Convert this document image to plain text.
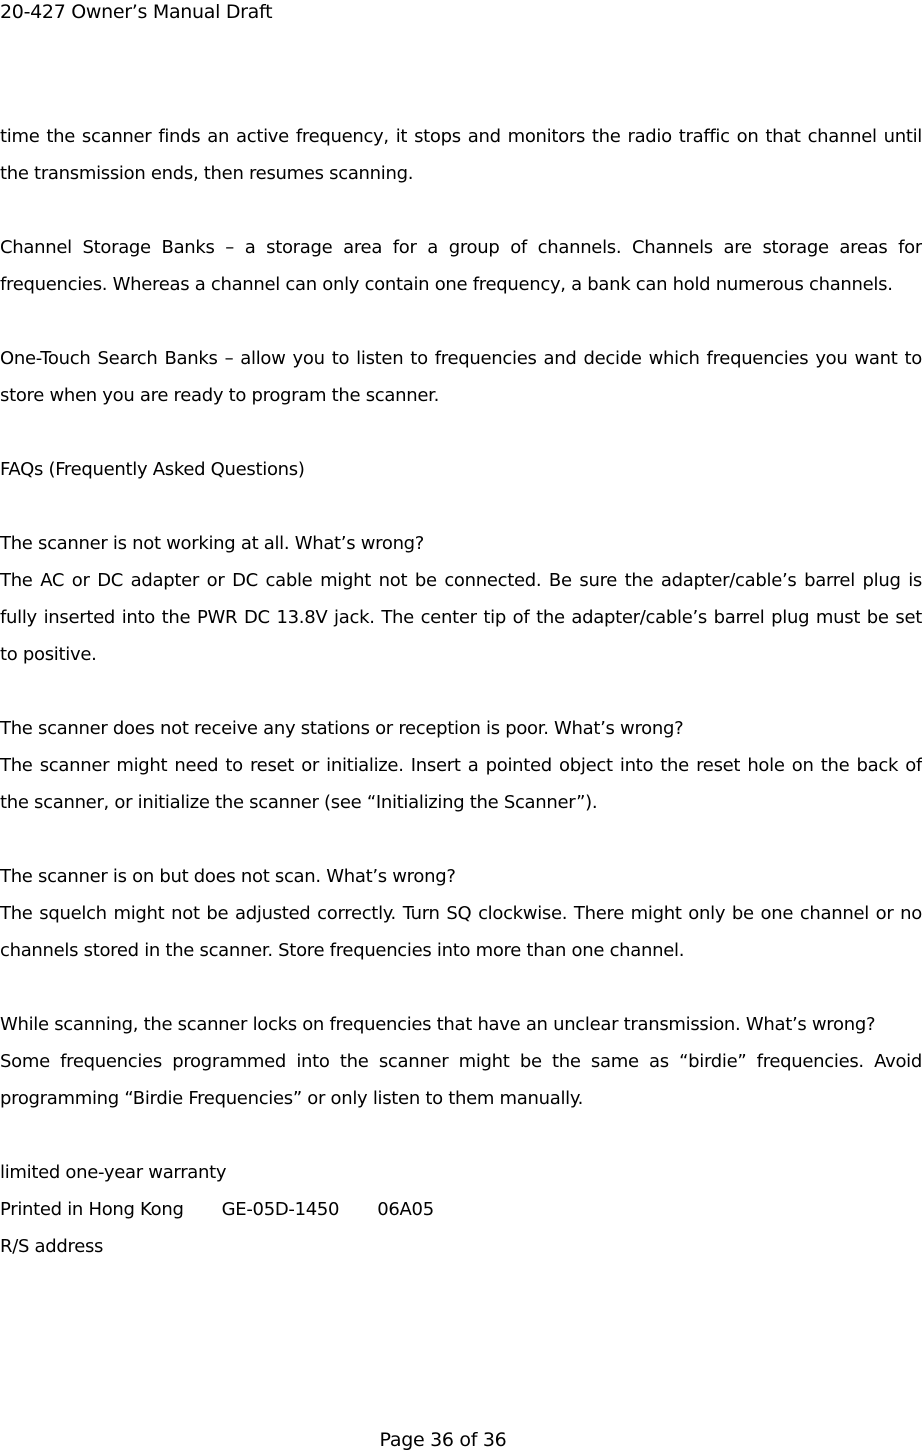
20-427 Owner’s Manual Draft

time the scanner finds an active frequency, it stops and monitors the radio traffic on that channel until the transmission ends, then resumes scanning.

Channel Storage Banks – a storage area for a group of channels. Channels are storage areas for frequencies. Whereas a channel can only contain one frequency, a bank can hold numerous channels.

One-Touch Search Banks – allow you to listen to frequencies and decide which frequencies you want to store when you are ready to program the scanner.

FAQs (Frequently Asked Questions)

The scanner is not working at all. What’s wrong?

The AC or DC adapter or DC cable might not be connected. Be sure the adapter/cable’s barrel plug is fully inserted into the PWR DC 13.8V jack. The center tip of the adapter/cable’s barrel plug must be set to positive.

The scanner does not receive any stations or reception is poor. What’s wrong?

The scanner might need to reset or initialize. Insert a pointed object into the reset hole on the back of the scanner, or initialize the scanner (see “Initializing the Scanner”).

The scanner is on but does not scan. What’s wrong?

The squelch might not be adjusted correctly. Turn SQ clockwise. There might only be one channel or no channels stored in the scanner. Store frequencies into more than one channel.

While scanning, the scanner locks on frequencies that have an unclear transmission. What’s wrong?

Some frequencies programmed into the scanner might be the same as “birdie” frequencies. Avoid programming “Birdie Frequencies” or only listen to them manually.

limited one-year warranty

Printed in Hong Kong GE-05D-1450 06A05

R/S address

Page 36 of 36
